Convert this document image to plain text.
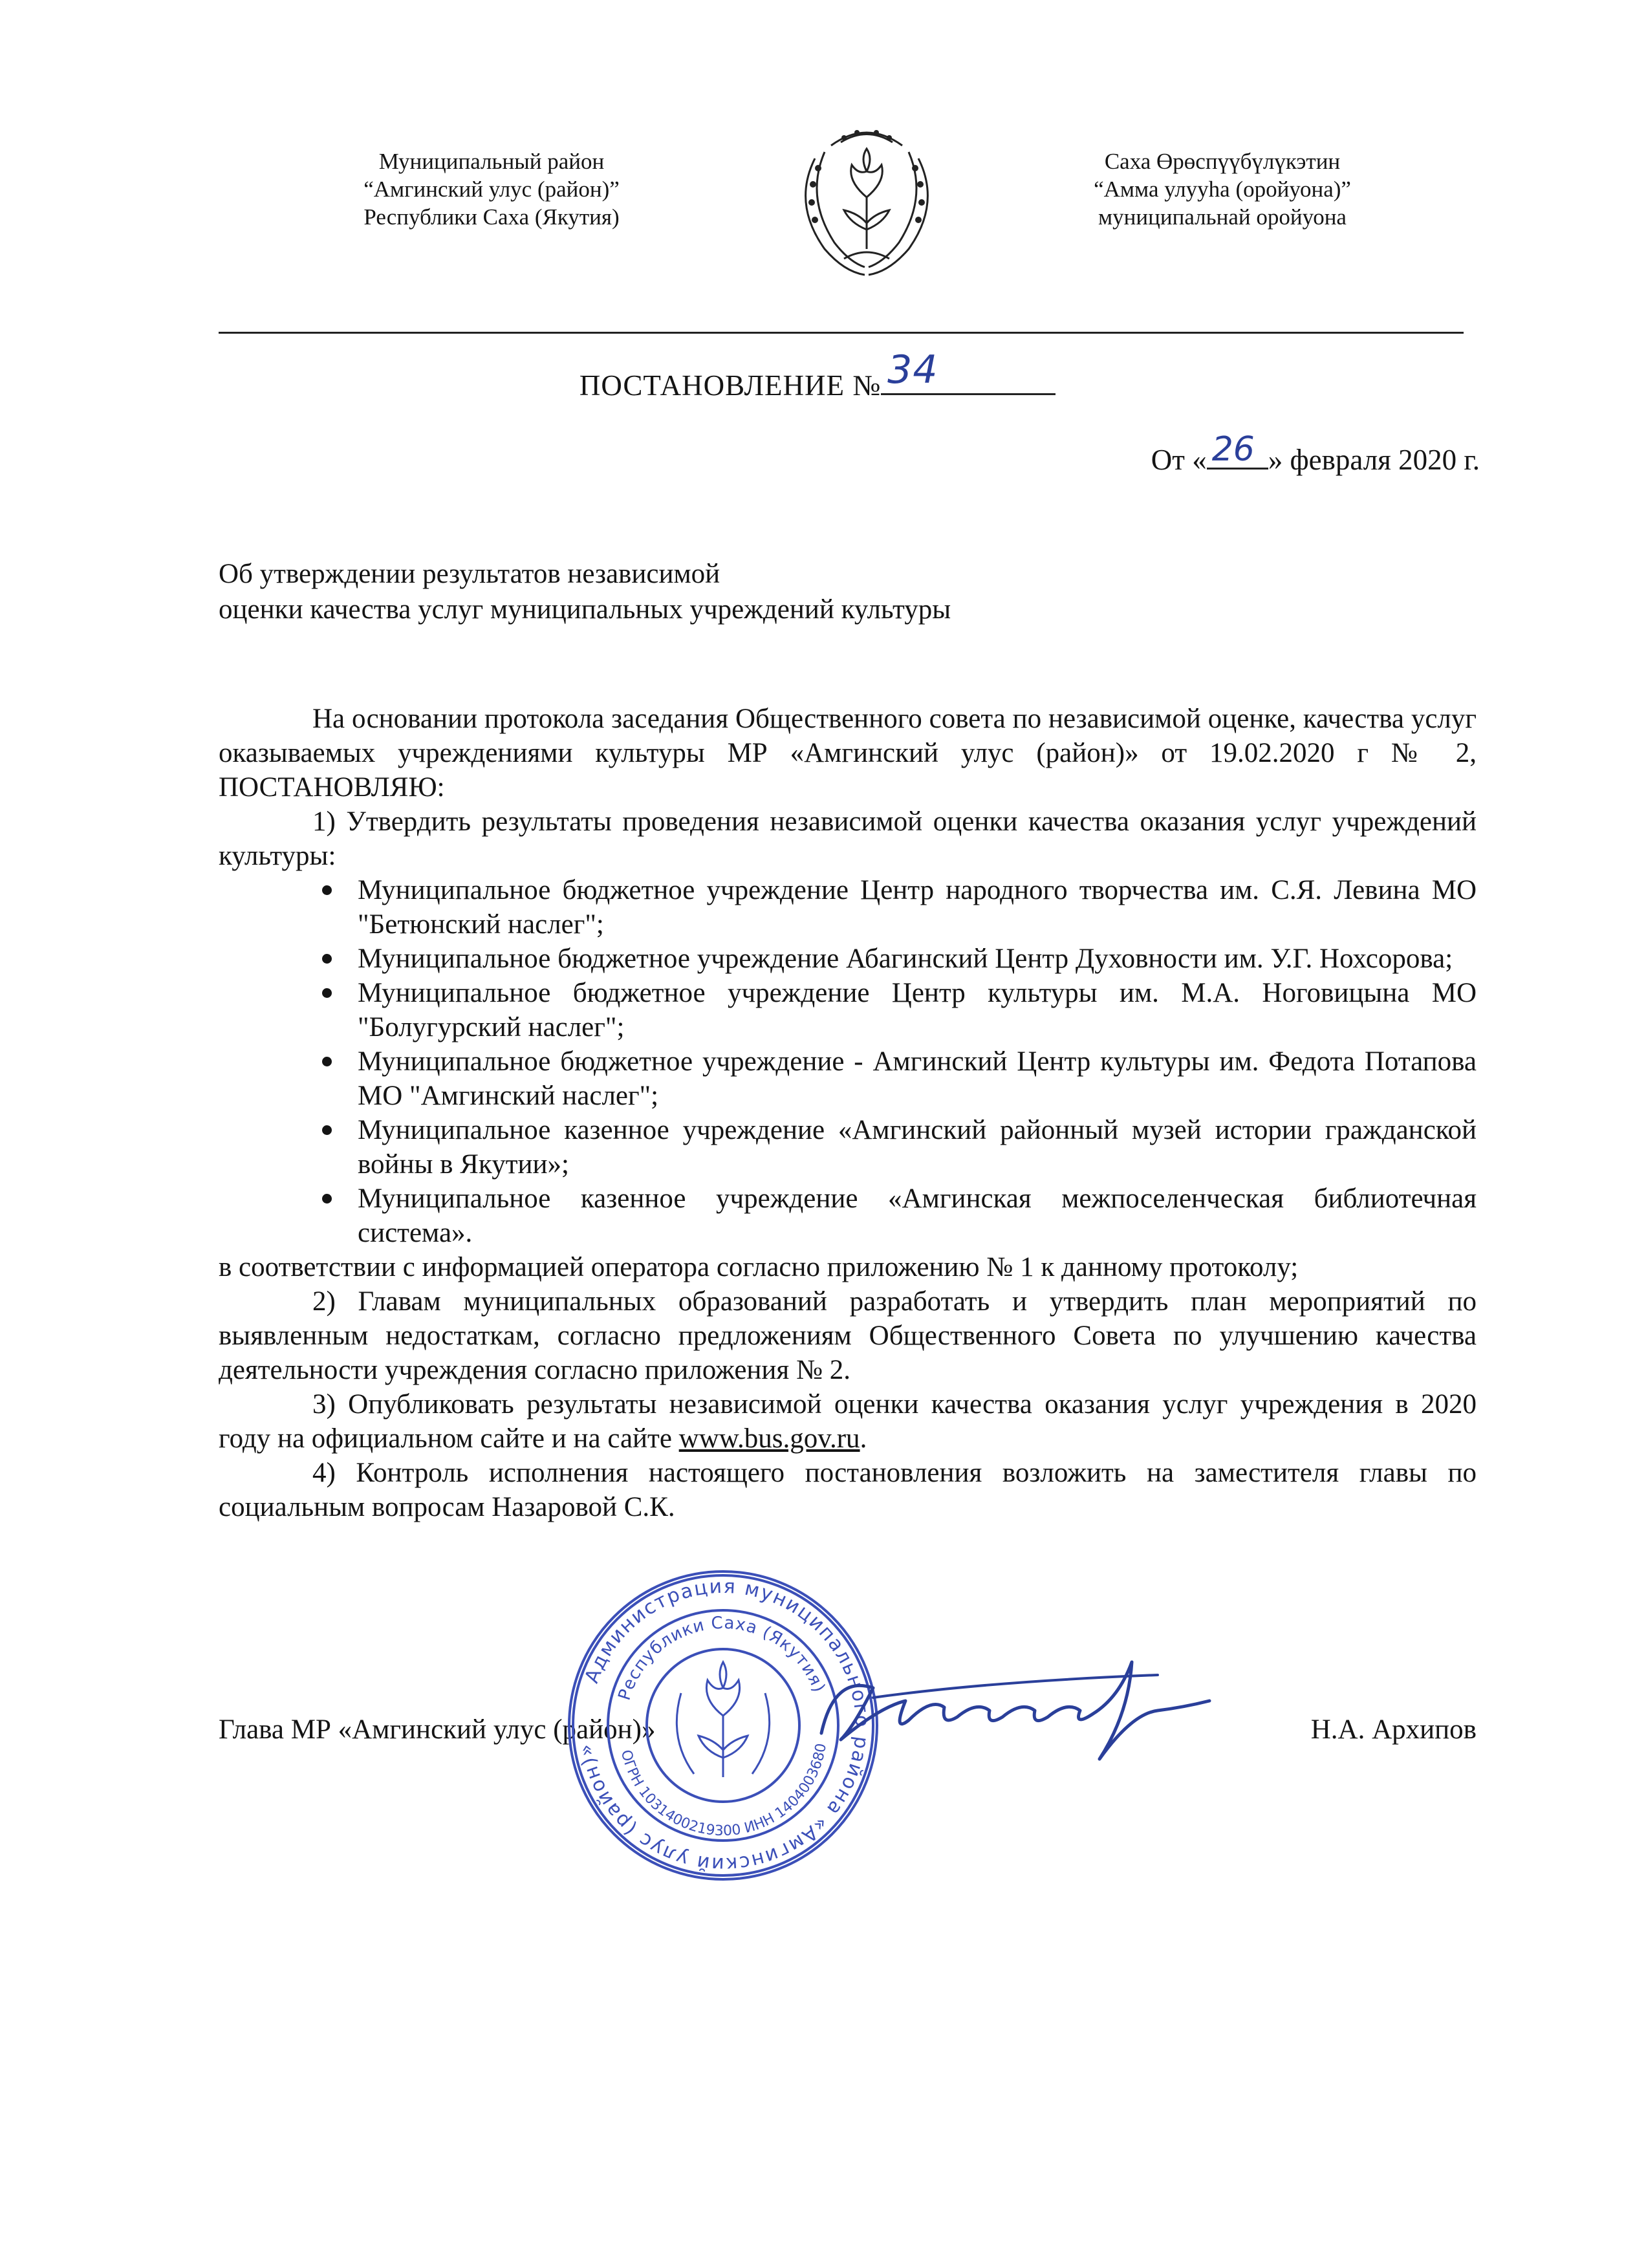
Муниципальный район
“Амгинский улус (район)”
Республики Саха (Якутия)
Саха Өрөспүүбүлүкэтин
“Амма улууһа (оройуона)”
муниципальнай оройуона
ПОСТАНОВЛЕНИЕ № 34
От « 26 » февраля 2020 г.
Об утверждении результатов независимой
оценки качества услуг муниципальных учреждений культуры
На основании протокола заседания Общественного совета по независимой оценке, качества услуг оказываемых учреждениями культуры МР «Амгинский улус (район)» от 19.02.2020 г № 2, ПОСТАНОВЛЯЮ:
1) Утвердить результаты проведения независимой оценки качества оказания услуг учреждений культуры:
Муниципальное бюджетное учреждение Центр народного творчества им. С.Я. Левина МО "Бетюнский наслег";
Муниципальное бюджетное учреждение Абагинский Центр Духовности им. У.Г. Нохсорова;
Муниципальное бюджетное учреждение Центр культуры им. М.А. Ноговицына МО "Болугурский наслег";
Муниципальное бюджетное учреждение - Амгинский Центр культуры им. Федота Потапова МО "Амгинский наслег";
Муниципальное казенное учреждение «Амгинский районный музей истории гражданской войны в Якутии»;
Муниципальное казенное учреждение «Амгинская межпоселенческая библиотечная система».
в соответствии с информацией оператора согласно приложению № 1 к данному протоколу;
2) Главам муниципальных образований разработать и утвердить план мероприятий по выявленным недостаткам, согласно предложениям Общественного Совета по улучшению качества деятельности учреждения согласно приложения № 2.
3) Опубликовать результаты независимой оценки качества оказания услуг учреждения в 2020 году на официальном сайте и на сайте www.bus.gov.ru.
4) Контроль исполнения настоящего постановления возложить на заместителя главы по социальным вопросам Назаровой С.К.
Глава МР «Амгинский улус (район)»	Н.А. Архипов
Администрация муниципального района «Амгинский улус (район)»
Республики Саха (Якутия)
ОГРН 1031400219300 ИНН 1404003680
